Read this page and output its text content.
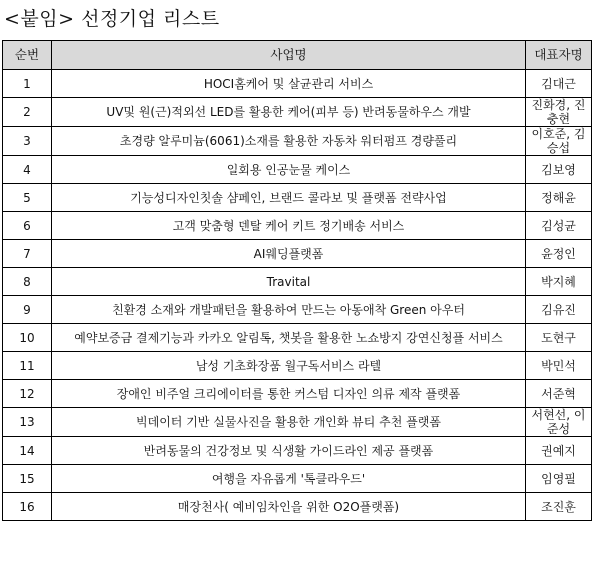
<붙임> 선정기업 리스트
순번	사업명	대표자명
1	HOCI홈케어 및 살균관리 서비스	김대근
2	UV및 원(근)적외선 LED를 활용한 케어(피부 등) 반려동물하우스 개발	진화경, 진충현
3	초경량 알루미늄(6061)소재를 활용한 자동차 워터펌프 경량풀리	이호준, 김승섭
4	일회용 인공눈물 케이스	김보영
5	기능성디자인칫솔 샴페인, 브랜드 콜라보 및 플랫폼 전략사업	정해윤
6	고객 맞춤형 덴탈 케어 키트 정기배송 서비스	김성균
7	AI웨딩플랫폼	윤정인
8	Travital	박지혜
9	친환경 소재와 개발패턴을 활용하여 만드는 아동애착 Green 아우터	김유진
10	예약보증금 결제기능과 카카오 알림톡, 챗봇을 활용한 노쇼방지 강연신청플 서비스	도현구
11	남성 기초화장품 월구독서비스 라텔	박민석
12	장애인 비주얼 크리에이터를 통한 커스텀 디자인 의류 제작 플랫폼	서준혁
13	빅데이터 기반 실물사진을 활용한 개인화 뷰티 추천 플랫폼	서현선, 이준성
14	반려동물의 건강정보 및 식생활 가이드라인 제공 플랫폼	권예지
15	여행을 자유롭게 '톡클라우드'	임영필
16	매장천사( 예비임차인을 위한 O2O플랫폼)	조진훈
